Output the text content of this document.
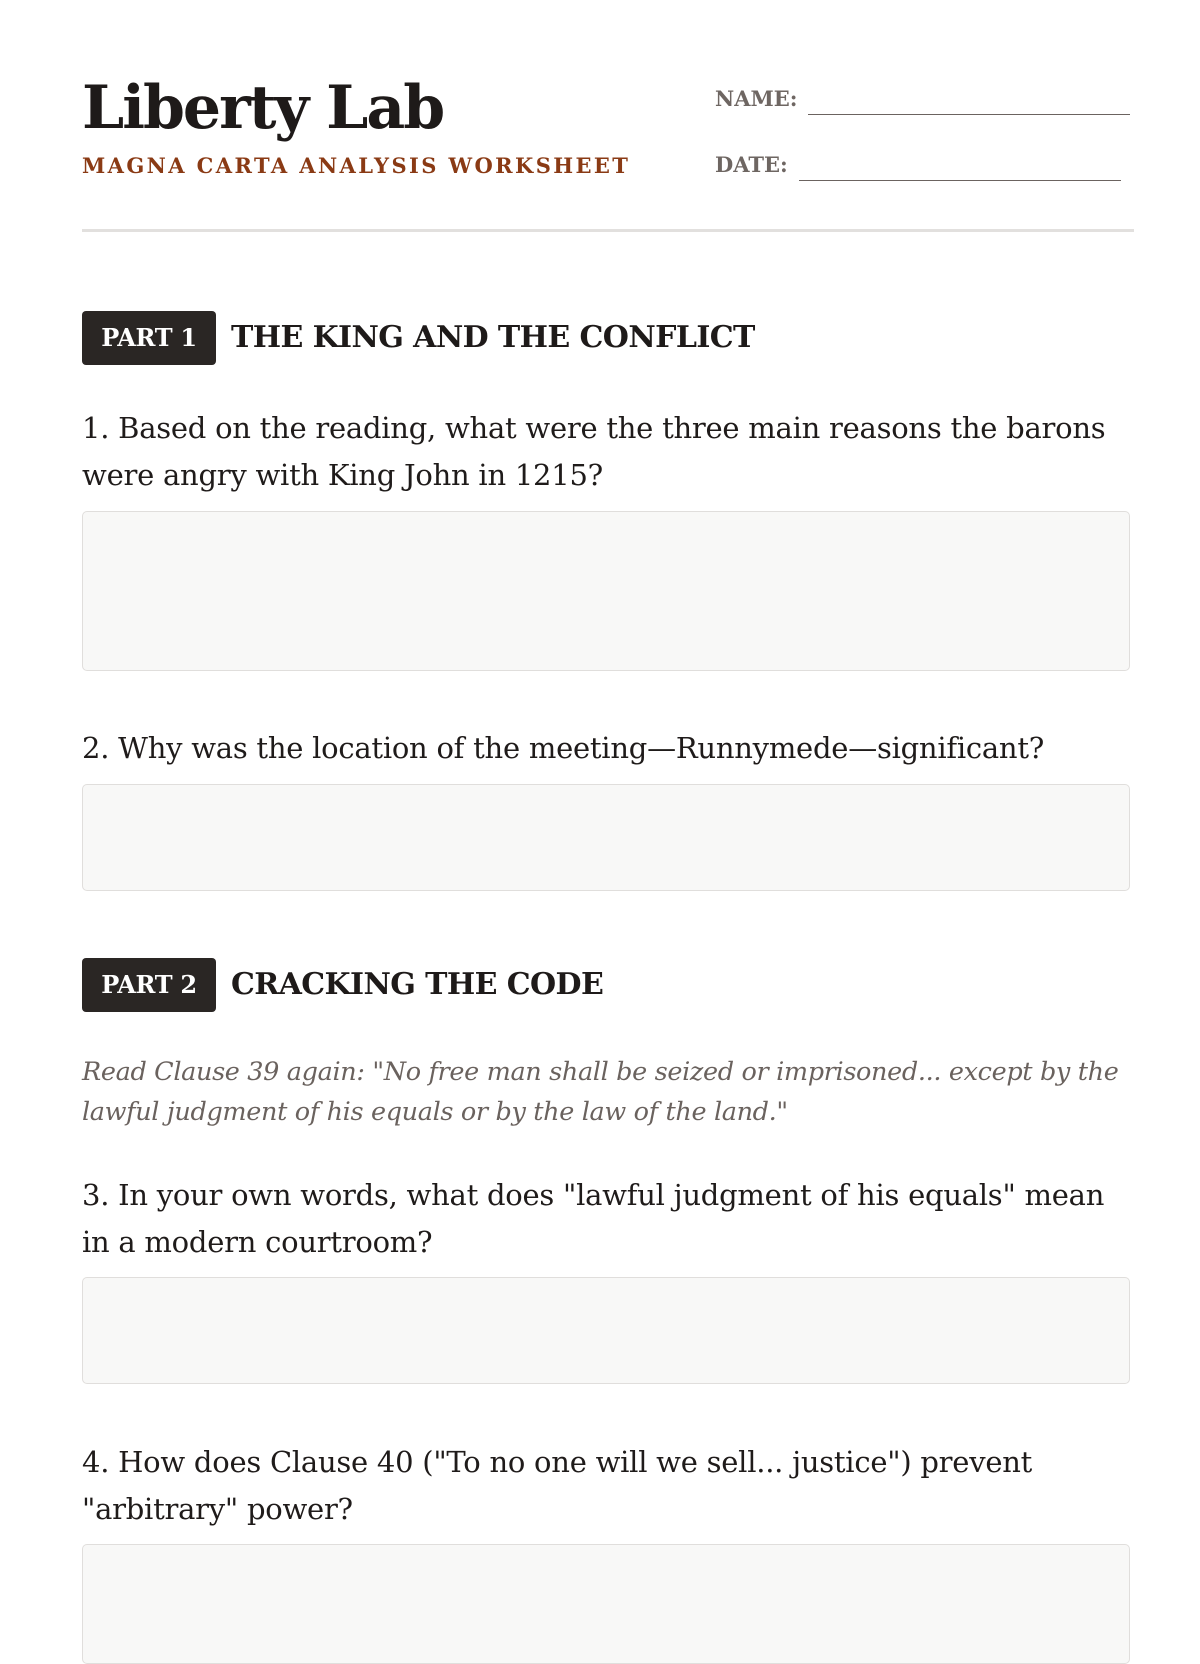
Liberty Lab
MAGNA CARTA ANALYSIS WORKSHEET
NAME:
DATE:
PART 1	THE KING AND THE CONFLICT
1. Based on the reading, what were the three main reasons the barons were angry with King John in 1215?
2. Why was the location of the meeting—Runnymede—significant?
PART 2	CRACKING THE CODE
Read Clause 39 again: "No free man shall be seized or imprisoned... except by the lawful judgment of his equals or by the law of the land."
3. In your own words, what does "lawful judgment of his equals" mean in a modern courtroom?
4. How does Clause 40 ("To no one will we sell... justice") prevent "arbitrary" power?
